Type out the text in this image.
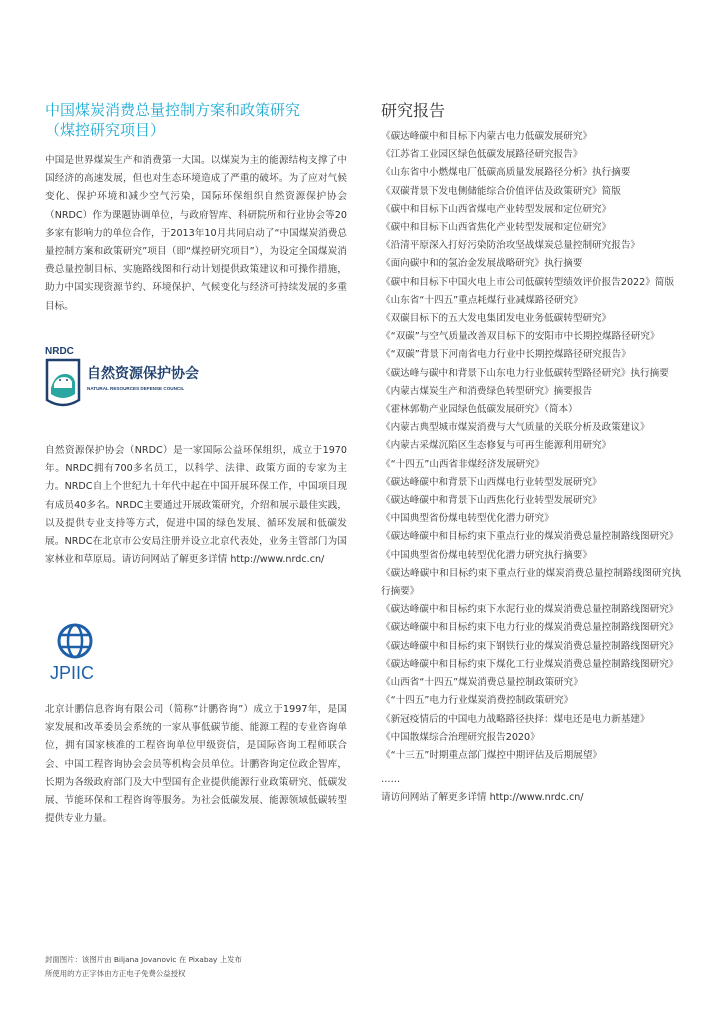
中国煤炭消费总量控制方案和政策研究
（煤控研究项目）

中国是世界煤炭生产和消费第一大国。以煤炭为主的能源结构支撑了中国经济的高速发展，但也对生态环境造成了严重的破坏。为了应对气候变化、保护环境和减少空气污染，国际环保组织自然资源保护协会（NRDC）作为课题协调单位，与政府智库、科研院所和行业协会等20多家有影响力的单位合作，于2013年10月共同启动了“中国煤炭消费总量控制方案和政策研究”项目（即“煤控研究项目”），为设定全国煤炭消费总量控制目标、实施路线图和行动计划提供政策建议和可操作措施，助力中国实现资源节约、环境保护、气候变化与经济可持续发展的多重目标。

NRDC
自然资源保护协会
NATURAL RESOURCES DEFENSE COUNCIL

自然资源保护协会（NRDC）是一家国际公益环保组织，成立于1970年。NRDC拥有700多名员工，以科学、法律、政策方面的专家为主力。NRDC自上个世纪九十年代中起在中国开展环保工作，中国项目现有成员40多名。NRDC主要通过开展政策研究，介绍和展示最佳实践，以及提供专业支持等方式，促进中国的绿色发展、循环发展和低碳发展。NRDC在北京市公安局注册并设立北京代表处，业务主管部门为国家林业和草原局。请访问网站了解更多详情 http://www.nrdc.cn/

JPIIC

北京计鹏信息咨询有限公司（简称“计鹏咨询”）成立于1997年，是国家发展和改革委员会系统的一家从事低碳节能、能源工程的专业咨询单位，拥有国家核准的工程咨询单位甲级资信，是国际咨询工程师联合会、中国工程咨询协会会员等机构会员单位。计鹏咨询定位政企智库，长期为各级政府部门及大中型国有企业提供能源行业政策研究、低碳发展、节能环保和工程咨询等服务。为社会低碳发展、能源领域低碳转型提供专业力量。

封面图片：该图片由 Biljana Jovanovic 在 Pixabay 上发布
所使用的方正字体由方正电子免费公益授权
研究报告
《碳达峰碳中和目标下内蒙古电力低碳发展研究》
《江苏省工业园区绿色低碳发展路径研究报告》
《山东省中小燃煤电厂低碳高质量发展路径分析》执行摘要
《双碳背景下发电侧储能综合价值评估及政策研究》简版
《碳中和目标下山西省煤电产业转型发展和定位研究》
《碳中和目标下山西省焦化产业转型发展和定位研究》
《沿清平原深入打好污染防治攻坚战煤炭总量控制研究报告》
《面向碳中和的氢冶金发展战略研究》执行摘要
《碳中和目标下中国火电上市公司低碳转型绩效评价报告2022》简版
《山东省“十四五”重点耗煤行业减煤路径研究》
《双碳目标下的五大发电集团发电业务低碳转型研究》
《“双碳”与空气质量改善双目标下的安阳市中长期控煤路径研究》
《“双碳”背景下河南省电力行业中长期控煤路径研究报告》
《碳达峰与碳中和背景下山东电力行业低碳转型路径研究》执行摘要
《内蒙古煤炭生产和消费绿色转型研究》摘要报告
《霍林郭勒产业园绿色低碳发展研究》（简本）
《内蒙古典型城市煤炭消费与大气质量的关联分析及政策建议》
《内蒙古采煤沉陷区生态修复与可再生能源利用研究》
《“十四五”山西省非煤经济发展研究》
《碳达峰碳中和背景下山西煤电行业转型发展研究》
《碳达峰碳中和背景下山西焦化行业转型发展研究》
《中国典型省份煤电转型优化潜力研究》
《碳达峰碳中和目标约束下重点行业的煤炭消费总量控制路线图研究》
《中国典型省份煤电转型优化潜力研究执行摘要》
《碳达峰碳中和目标约束下重点行业的煤炭消费总量控制路线图研究执行摘要》
《碳达峰碳中和目标约束下水泥行业的煤炭消费总量控制路线图研究》
《碳达峰碳中和目标约束下电力行业的煤炭消费总量控制路线图研究》
《碳达峰碳中和目标约束下钢铁行业的煤炭消费总量控制路线图研究》
《碳达峰碳中和目标约束下煤化工行业煤炭消费总量控制路线图研究》
《山西省“十四五”煤炭消费总量控制政策研究》
《“十四五”电力行业煤炭消费控制政策研究》
《新冠疫情后的中国电力战略路径抉择：煤电还是电力新基建》
《中国散煤综合治理研究报告2020》
《“十三五”时期重点部门煤控中期评估及后期展望》
……
请访问网站了解更多详情 http://www.nrdc.cn/
